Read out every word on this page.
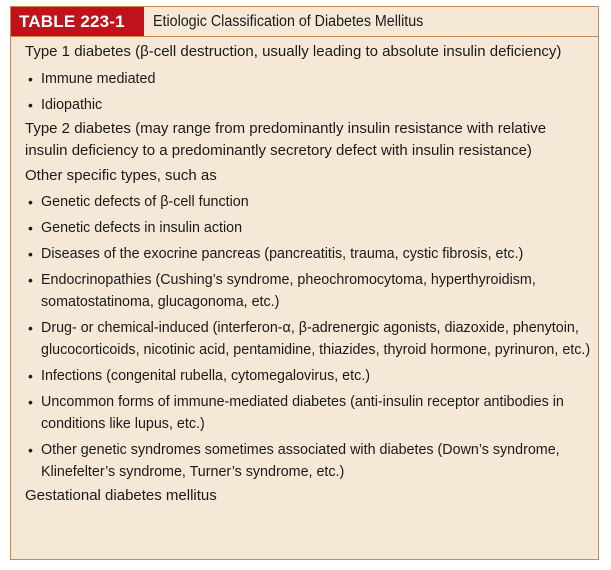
TABLE 223-1	Etiologic Classification of Diabetes Mellitus

Type 1 diabetes (β-cell destruction, usually leading to absolute insulin deficiency)

• Immune mediated
• Idiopathic

Type 2 diabetes (may range from predominantly insulin resistance with relative insulin deficiency to a predominantly secretory defect with insulin resistance)

Other specific types, such as

• Genetic defects of β-cell function
• Genetic defects in insulin action
• Diseases of the exocrine pancreas (pancreatitis, trauma, cystic fibrosis, etc.)
• Endocrinopathies (Cushing’s syndrome, pheochromocytoma, hyperthyroidism, somatostatinoma, glucagonoma, etc.)
• Drug- or chemical-induced (interferon-α, β-adrenergic agonists, diazoxide, phenytoin, glucocorticoids, nicotinic acid, pentamidine, thiazides, thyroid hormone, pyrinuron, etc.)
• Infections (congenital rubella, cytomegalovirus, etc.)
• Uncommon forms of immune-mediated diabetes (anti-insulin receptor antibodies in conditions like lupus, etc.)
• Other genetic syndromes sometimes associated with diabetes (Down’s syndrome, Klinefelter’s syndrome, Turner’s syndrome, etc.)

Gestational diabetes mellitus
